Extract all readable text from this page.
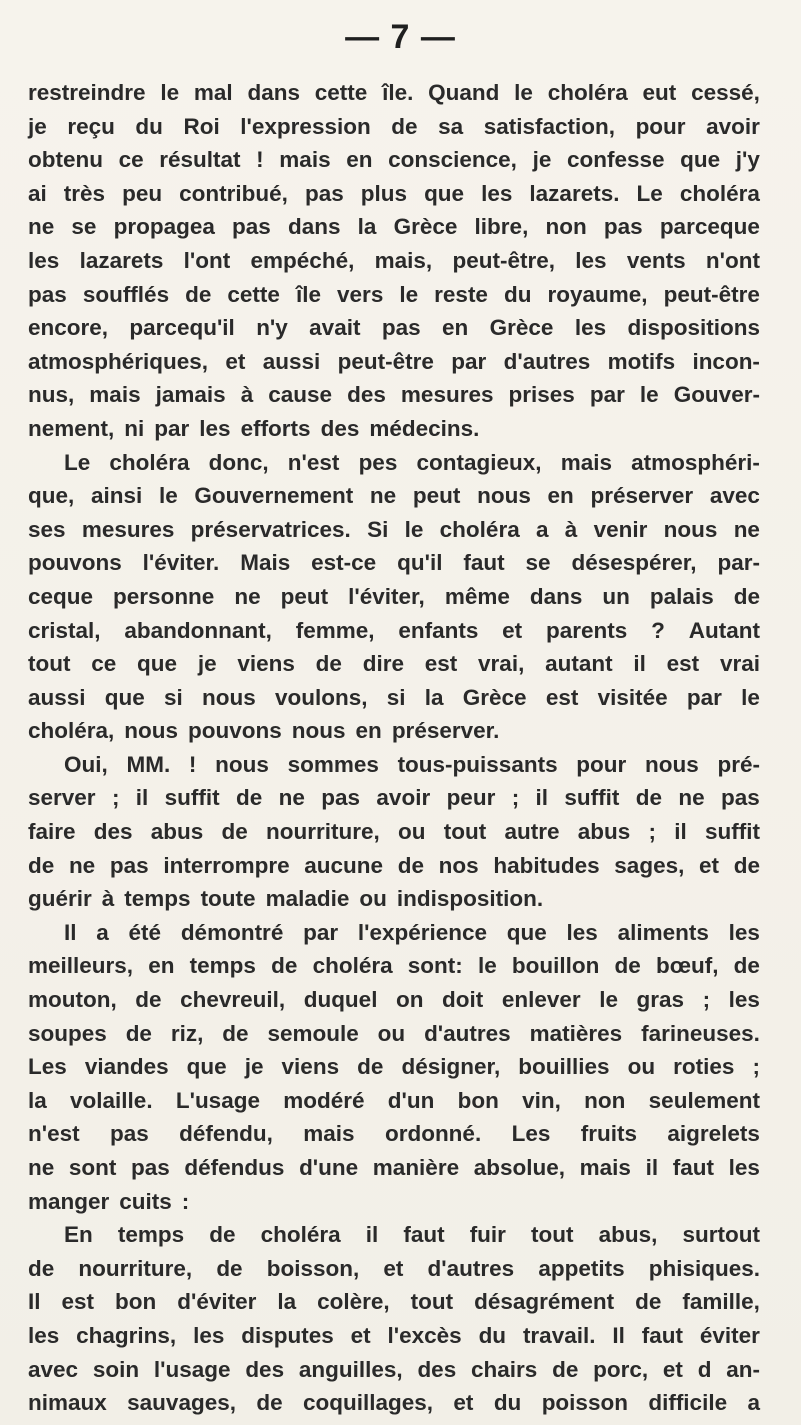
— 7 —
restreindre le mal dans cette île. Quand le choléra eut cessé,
je reçu du Roi l'expression de sa satisfaction, pour avoir
obtenu ce résultat ! mais en conscience, je confesse que j'y
ai très peu contribué, pas plus que les lazarets. Le choléra
ne se propagea pas dans la Grèce libre, non pas parceque
les lazarets l'ont empéché, mais, peut-être, les vents n'ont
pas soufflés de cette île vers le reste du royaume, peut-être
encore, parcequ'il n'y avait pas en Grèce les dispositions
atmosphériques, et aussi peut-être par d'autres motifs incon-
nus, mais jamais à cause des mesures prises par le Gouver-
nement, ni par les efforts des médecins.
Le choléra donc, n'est pes contagieux, mais atmosphéri-
que, ainsi le Gouvernement ne peut nous en préserver avec
ses mesures préservatrices. Si le choléra a à venir nous ne
pouvons l'éviter. Mais est-ce qu'il faut se désespérer, par-
ceque personne ne peut l'éviter, même dans un palais de
cristal, abandonnant, femme, enfants et parents ? Autant
tout ce que je viens de dire est vrai, autant il est vrai
aussi que si nous voulons, si la Grèce est visitée par le
choléra, nous pouvons nous en préserver.
Oui, MM. ! nous sommes tous-puissants pour nous pré-
server ; il suffit de ne pas avoir peur ; il suffit de ne pas
faire des abus de nourriture, ou tout autre abus ; il suffit
de ne pas interrompre aucune de nos habitudes sages, et de
guérir à temps toute maladie ou indisposition.
Il a été démontré par l'expérience que les aliments les
meilleurs, en temps de choléra sont: le bouillon de bœuf, de
mouton, de chevreuil, duquel on doit enlever le gras ; les
soupes de riz, de semoule ou d'autres matières farineuses.
Les viandes que je viens de désigner, bouillies ou roties ;
la volaille. L'usage modéré d'un bon vin, non seulement
n'est pas défendu, mais ordonné. Les fruits aigrelets
ne sont pas défendus d'une manière absolue, mais il faut les
manger cuits :
En temps de choléra il faut fuir tout abus, surtout
de nourriture, de boisson, et d'autres appetits phisiques.
Il est bon d'éviter la colère, tout désagrément de famille,
les chagrins, les disputes et l'excès du travail. Il faut éviter
avec soin l'usage des anguilles, des chairs de porc, et d an-
nimaux sauvages, de coquillages, et du poisson difficile a
